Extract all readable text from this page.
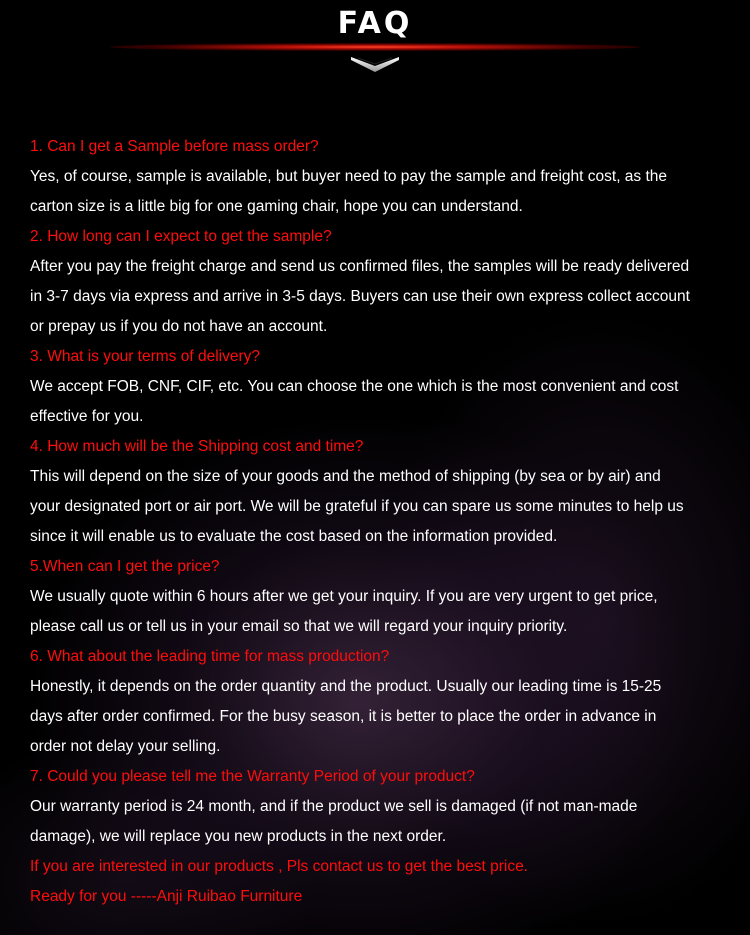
FAQ
1. Can I get a Sample before mass order?
Yes, of course, sample is available, but buyer need to pay the sample and freight cost, as the
carton size is a little big for one gaming chair, hope you can understand.
2. How long can I expect to get the sample?
After you pay the freight charge and send us confirmed files, the samples will be ready delivered
in 3-7 days via express and arrive in 3-5 days. Buyers can use their own express collect account
or prepay us if you do not have an account.
3. What is your terms of delivery?
We accept FOB, CNF, CIF, etc. You can choose the one which is the most convenient and cost
effective for you.
4. How much will be the Shipping cost and time?
This will depend on the size of your goods and the method of shipping (by sea or by air) and
your designated port or air port. We will be grateful if you can spare us some minutes to help us
since it will enable us to evaluate the cost based on the information provided.
5.When can I get the price?
We usually quote within 6 hours after we get your inquiry. If you are very urgent to get price,
please call us or tell us in your email so that we will regard your inquiry priority.
6. What about the leading time for mass production?
Honestly, it depends on the order quantity and the product. Usually our leading time is 15-25
days after order confirmed. For the busy season, it is better to place the order in advance in
order not delay your selling.
7. Could you please tell me the Warranty Period of your product?
Our warranty period is 24 month, and if the product we sell is damaged (if not man-made
damage), we will replace you new products in the next order.
If you are interested in our products , Pls contact us to get the best price.
Ready for you -----Anji Ruibao Furniture
